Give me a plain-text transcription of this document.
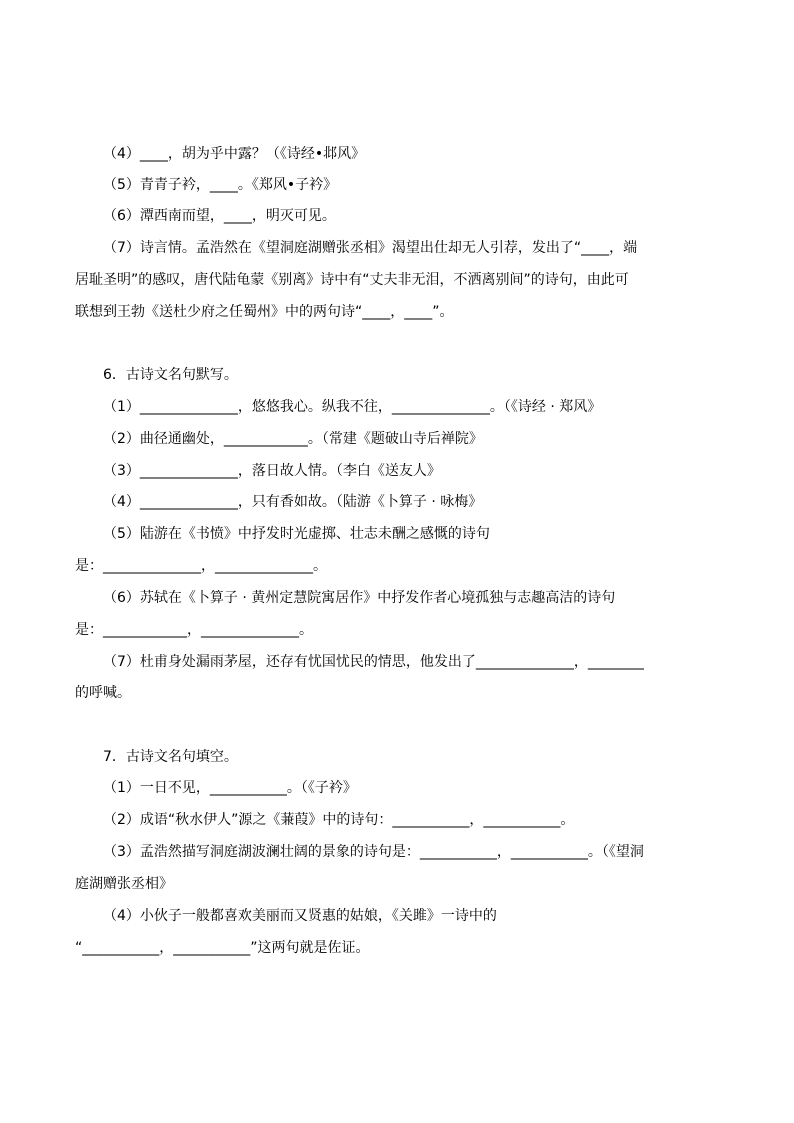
（4）____，胡为乎中露？（《诗经•邶风》
（5）青青子衿，____。《郑风•子衿》
（6）潭西南而望，____，明灭可见。
（7）诗言情。孟浩然在《望洞庭湖赠张丞相》渴望出仕却无人引荐，发出了“____，端
居耻圣明”的感叹，唐代陆龟蒙《别离》诗中有“丈夫非无泪，不洒离别间”的诗句，由此可
联想到王勃《送杜少府之任蜀州》中的两句诗“____，____”。
6．古诗文名句默写。
（1）______________，悠悠我心。纵我不往，______________。（《诗经 · 郑风》
（2）曲径通幽处，____________。（常建《题破山寺后禅院》
（3）______________，落日故人情。（李白《送友人》
（4）______________，只有香如故。（陆游《卜算子 · 咏梅》
（5）陆游在《书愤》中抒发时光虚掷、壮志未酬之感慨的诗句
是：______________，______________。
（6）苏轼在《卜算子 · 黄州定慧院寓居作》中抒发作者心境孤独与志趣高洁的诗句
是：____________，______________。
（7）杜甫身处漏雨茅屋，还存有忧国忧民的情思，他发出了______________，________
的呼喊。
7．古诗文名句填空。
（1）一日不见，___________。（《子衿》
（2）成语“秋水伊人”源之《蒹葭》中的诗句：___________，___________。
（3）孟浩然描写洞庭湖波澜壮阔的景象的诗句是：___________，___________。（《望洞
庭湖赠张丞相》
（4）小伙子一般都喜欢美丽而又贤惠的姑娘，《关雎》一诗中的
“___________，___________”这两句就是佐证。
